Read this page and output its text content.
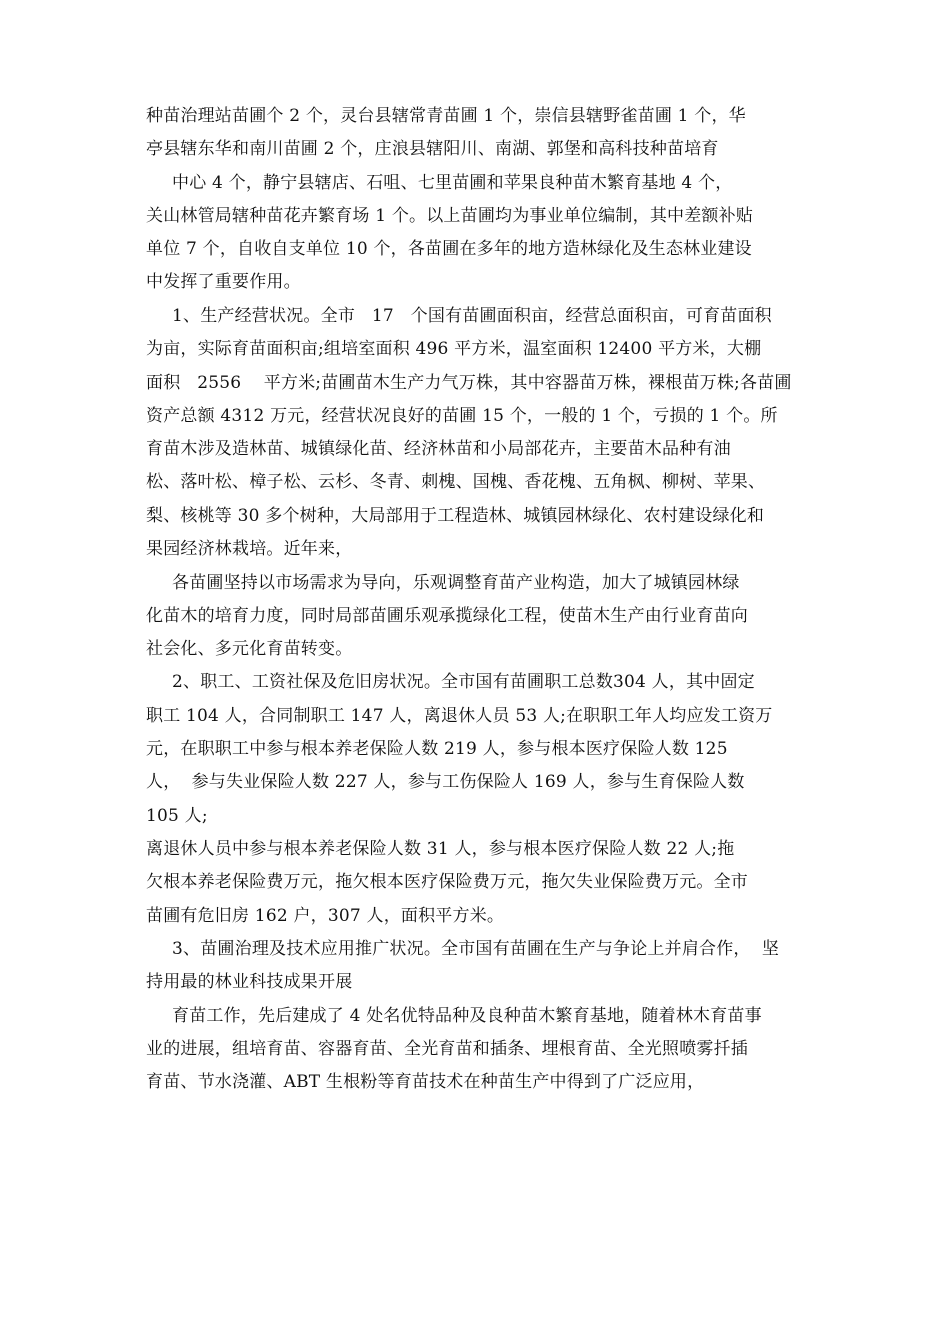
种苗治理站苗圃个 2 个，灵台县辖常青苗圃 1 个，崇信县辖野雀苗圃 1 个，华
亭县辖东华和南川苗圃 2 个，庄浪县辖阳川、南湖、郭堡和高科技种苗培育
中心 4 个，静宁县辖店、石咀、七里苗圃和苹果良种苗木繁育基地 4 个，
关山林管局辖种苗花卉繁育场 1 个。以上苗圃均为事业单位编制，其中差额补贴
单位 7 个，自收自支单位 10 个，各苗圃在多年的地方造林绿化及生态林业建设
中发挥了重要作用。
1、生产经营状况。全市   17   个国有苗圃面积亩，经营总面积亩，可育苗面积
为亩，实际育苗面积亩;组培室面积 496 平方米，温室面积 12400 平方米，大棚
面积   2556    平方米;苗圃苗木生产力气万株，其中容器苗万株，裸根苗万株;各苗圃
资产总额 4312 万元，经营状况良好的苗圃 15 个，一般的 1 个，亏损的 1 个。所
育苗木涉及造林苗、城镇绿化苗、经济林苗和小局部花卉，主要苗木品种有油
松、落叶松、樟子松、云杉、冬青、刺槐、国槐、香花槐、五角枫、柳树、苹果、
梨、核桃等 30 多个树种，大局部用于工程造林、城镇园林绿化、农村建设绿化和
果园经济林栽培。近年来，
各苗圃坚持以市场需求为导向，乐观调整育苗产业构造，加大了城镇园林绿
化苗木的培育力度，同时局部苗圃乐观承揽绿化工程，使苗木生产由行业育苗向
社会化、多元化育苗转变。
2、职工、工资社保及危旧房状况。全市国有苗圃职工总数304 人，其中固定
职工 104 人，合同制职工 147 人，离退休人员 53 人;在职职工年人均应发工资万
元，在职职工中参与根本养老保险人数 219 人，参与根本医疗保险人数 125
人，  参与失业保险人数 227 人，参与工伤保险人 169 人，参与生育保险人数
105 人;
离退休人员中参与根本养老保险人数 31 人，参与根本医疗保险人数 22 人;拖
欠根本养老保险费万元，拖欠根本医疗保险费万元，拖欠失业保险费万元。全市
苗圃有危旧房 162 户，307 人，面积平方米。
3、苗圃治理及技术应用推广状况。全市国有苗圃在生产与争论上并肩合作，  坚
持用最的林业科技成果开展
育苗工作，先后建成了 4 处名优特品种及良种苗木繁育基地，随着林木育苗事
业的进展，组培育苗、容器育苗、全光育苗和插条、埋根育苗、全光照喷雾扦插
育苗、节水浇灌、ABT 生根粉等育苗技术在种苗生产中得到了广泛应用，
